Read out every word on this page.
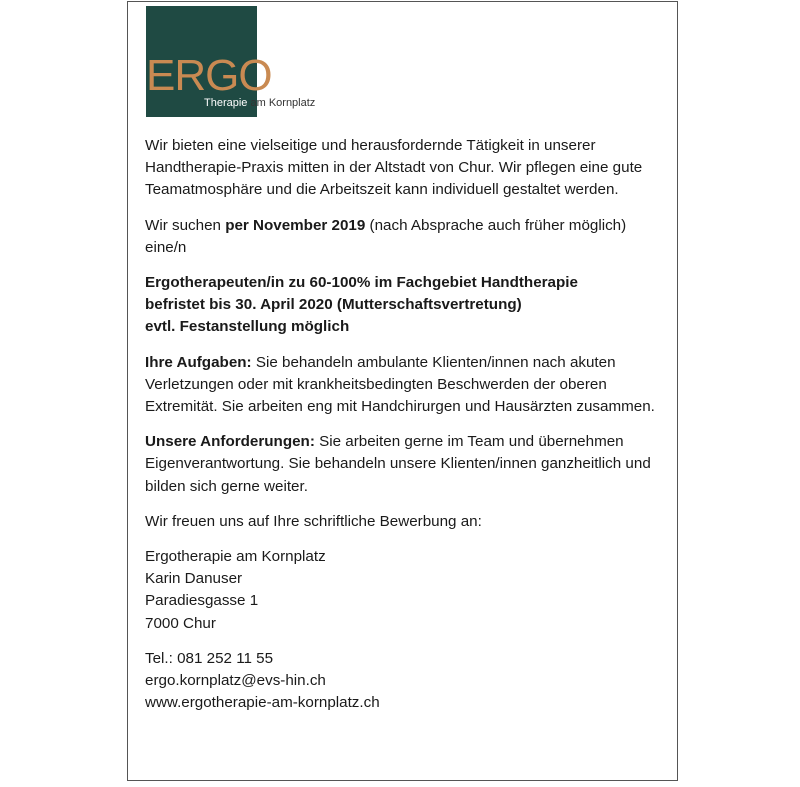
ERGO
Therapie am Kornplatz

Wir bieten eine vielseitige und herausfordernde Tätigkeit in unserer Handtherapie-Praxis mitten in der Altstadt von Chur. Wir pflegen eine gute Teamatmosphäre und die Arbeitszeit kann individuell gestaltet werden.

Wir suchen per November 2019 (nach Absprache auch früher möglich) eine/n

Ergotherapeuten/in zu 60-100% im Fachgebiet Handtherapie
befristet bis 30. April 2020 (Mutterschaftsvertretung)
evtl. Festanstellung möglich

Ihre Aufgaben: Sie behandeln ambulante Klienten/innen nach akuten Verletzungen oder mit krankheitsbedingten Beschwerden der oberen Extremität. Sie arbeiten eng mit Handchirurgen und Hausärzten zusammen.

Unsere Anforderungen: Sie arbeiten gerne im Team und übernehmen Eigenverantwortung. Sie behandeln unsere Klienten/innen ganzheitlich und bilden sich gerne weiter.

Wir freuen uns auf Ihre schriftliche Bewerbung an:

Ergotherapie am Kornplatz
Karin Danuser
Paradiesgasse 1
7000 Chur

Tel.: 081 252 11 55
ergo.kornplatz@evs-hin.ch
www.ergotherapie-am-kornplatz.ch
